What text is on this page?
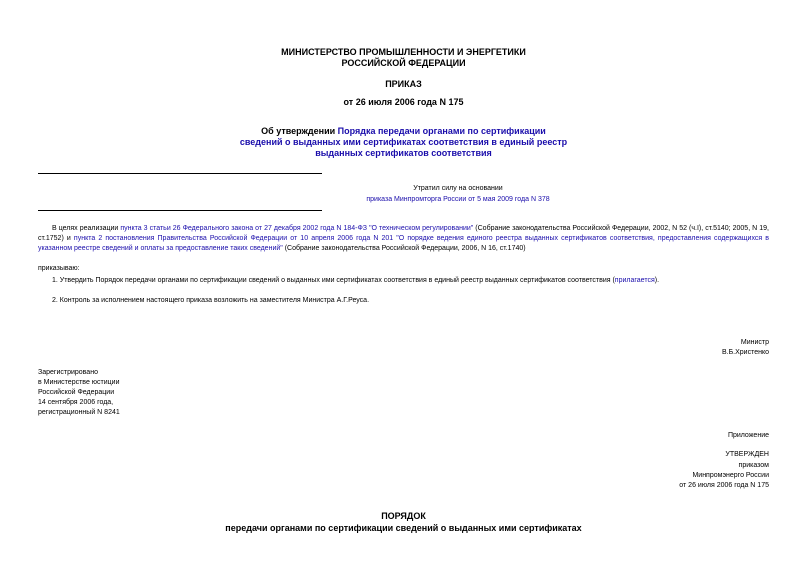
МИНИСТЕРСТВО ПРОМЫШЛЕННОСТИ И ЭНЕРГЕТИКИ
РОССИЙСКОЙ ФЕДЕРАЦИИ
ПРИКАЗ
от 26 июля 2006 года N 175
Об утверждении Порядка передачи органами по сертификации
сведений о выданных ими сертификатах соответствия в единый реестр
выданных сертификатов соответствия
Утратил силу на основании
приказа Минпромторга России от 5 мая 2009 года N 378
В целях реализации пункта 3 статьи 26 Федерального закона от 27 декабря 2002 года N 184-ФЗ "О техническом регулировании" (Собрание законодательства Российской Федерации, 2002, N 52 (ч.I), ст.5140; 2005, N 19, ст.1752) и пункта 2 постановления Правительства Российской Федерации от 10 апреля 2006 года N 201 "О порядке ведения единого реестра выданных сертификатов соответствия, предоставления содержащихся в указанном реестре сведений и оплаты за предоставление таких сведений" (Собрание законодательства Российской Федерации, 2006, N 16, ст.1740)
приказываю:
1. Утвердить Порядок передачи органами по сертификации сведений о выданных ими сертификатах соответствия в единый реестр выданных сертификатов соответствия (прилагается).
2. Контроль за исполнением настоящего приказа возложить на заместителя Министра А.Г.Реуса.
Министр
В.Б.Христенко
Зарегистрировано
в Министерстве юстиции
Российской Федерации
14 сентября 2006 года,
регистрационный N 8241
Приложение
УТВЕРЖДЕН
приказом
Минпромэнерго России
от 26 июля 2006 года N 175
ПОРЯДОК
передачи органами по сертификации сведений о выданных ими сертификатах
